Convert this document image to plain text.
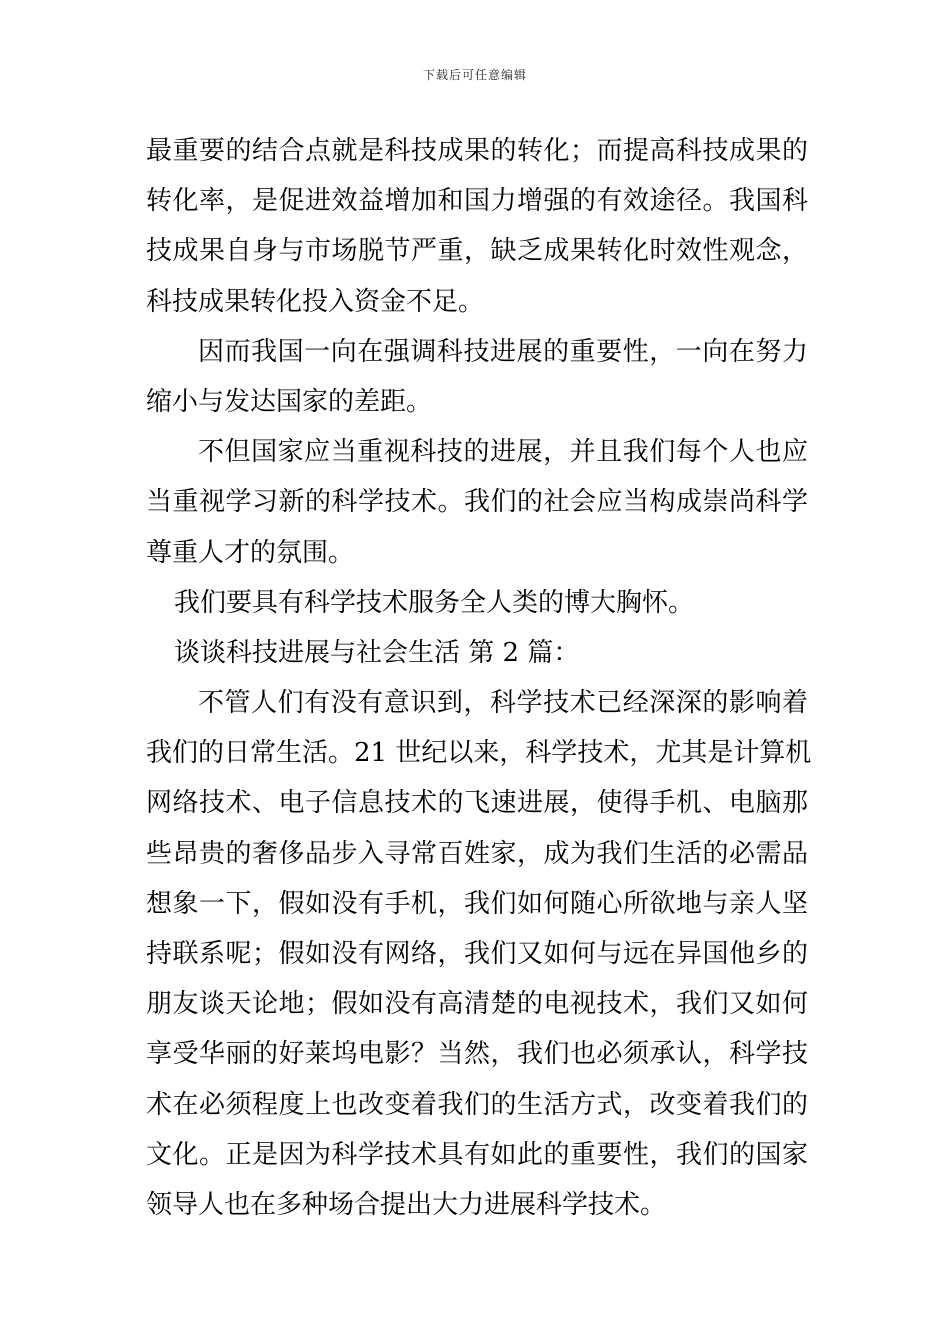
下载后可任意编辑
最重要的结合点就是科技成果的转化；而提高科技成果的
转化率，是促进效益增加和国力增强的有效途径。我国科
技成果自身与市场脱节严重，缺乏成果转化时效性观念，
科技成果转化投入资金不足。
因而我国一向在强调科技进展的重要性，一向在努力
缩小与发达国家的差距。
不但国家应当重视科技的进展，并且我们每个人也应
当重视学习新的科学技术。我们的社会应当构成崇尚科学
尊重人才的氛围。
我们要具有科学技术服务全人类的博大胸怀。
谈谈科技进展与社会生活 第 2 篇：
不管人们有没有意识到，科学技术已经深深的影响着
我们的日常生活。21 世纪以来，科学技术，尤其是计算机
网络技术、电子信息技术的飞速进展，使得手机、电脑那
些昂贵的奢侈品步入寻常百姓家，成为我们生活的必需品
想象一下，假如没有手机，我们如何随心所欲地与亲人坚
持联系呢；假如没有网络，我们又如何与远在异国他乡的
朋友谈天论地；假如没有高清楚的电视技术，我们又如何
享受华丽的好莱坞电影？当然，我们也必须承认，科学技
术在必须程度上也改变着我们的生活方式，改变着我们的
文化。正是因为科学技术具有如此的重要性，我们的国家
领导人也在多种场合提出大力进展科学技术。
